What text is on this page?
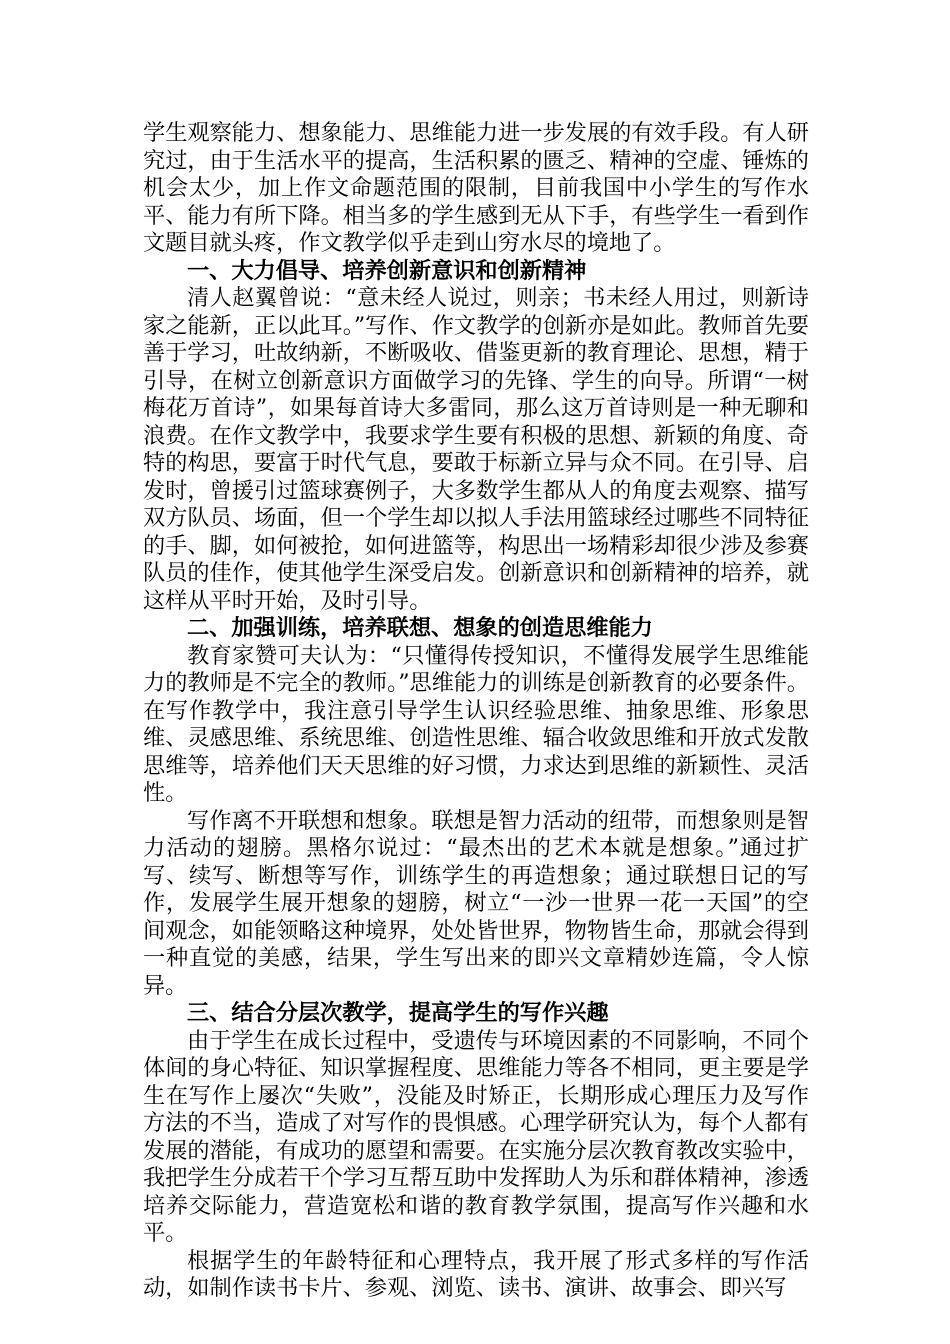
学生观察能力、想象能力、思维能力进一步发展的有效手段。有人研究过，由于生活水平的提高，生活积累的匮乏、精神的空虚、锤炼的机会太少，加上作文命题范围的限制，目前我国中小学生的写作水平、能力有所下降。相当多的学生感到无从下手，有些学生一看到作文题目就头疼，作文教学似乎走到山穷水尽的境地了。

一、大力倡导、培养创新意识和创新精神

清人赵翼曾说：“意未经人说过，则亲；书未经人用过，则新诗家之能新，正以此耳。”写作、作文教学的创新亦是如此。教师首先要善于学习，吐故纳新，不断吸收、借鉴更新的教育理论、思想，精于引导，在树立创新意识方面做学习的先锋、学生的向导。所谓“一树梅花万首诗”，如果每首诗大多雷同，那么这万首诗则是一种无聊和浪费。在作文教学中，我要求学生要有积极的思想、新颖的角度、奇特的构思，要富于时代气息，要敢于标新立异与众不同。在引导、启发时，曾援引过篮球赛例子，大多数学生都从人的角度去观察、描写双方队员、场面，但一个学生却以拟人手法用篮球经过哪些不同特征的手、脚，如何被抢，如何进篮等，构思出一场精彩却很少涉及参赛队员的佳作，使其他学生深受启发。创新意识和创新精神的培养，就这样从平时开始，及时引导。

二、加强训练，培养联想、想象的创造思维能力

教育家赞可夫认为：“只懂得传授知识，不懂得发展学生思维能力的教师是不完全的教师。”思维能力的训练是创新教育的必要条件。在写作教学中，我注意引导学生认识经验思维、抽象思维、形象思维、灵感思维、系统思维、创造性思维、辐合收敛思维和开放式发散思维等，培养他们天天思维的好习惯，力求达到思维的新颖性、灵活性。

写作离不开联想和想象。联想是智力活动的纽带，而想象则是智力活动的翅膀。黑格尔说过：“最杰出的艺术本就是想象。”通过扩写、续写、断想等写作，训练学生的再造想象；通过联想日记的写作，发展学生展开想象的翅膀，树立“一沙一世界一花一天国”的空间观念，如能领略这种境界，处处皆世界，物物皆生命，那就会得到一种直觉的美感，结果，学生写出来的即兴文章精妙连篇，令人惊异。

三、结合分层次教学，提高学生的写作兴趣

由于学生在成长过程中，受遗传与环境因素的不同影响，不同个体间的身心特征、知识掌握程度、思维能力等各不相同，更主要是学生在写作上屡次“失败”，没能及时矫正，长期形成心理压力及写作方法的不当，造成了对写作的畏惧感。心理学研究认为，每个人都有发展的潜能，有成功的愿望和需要。在实施分层次教育教改实验中，我把学生分成若干个学习互帮互助中发挥助人为乐和群体精神，渗透培养交际能力，营造宽松和谐的教育教学氛围，提高写作兴趣和水平。

根据学生的年龄特征和心理特点，我开展了形式多样的写作活动，如制作读书卡片、参观、浏览、读书、演讲、故事会、即兴写
